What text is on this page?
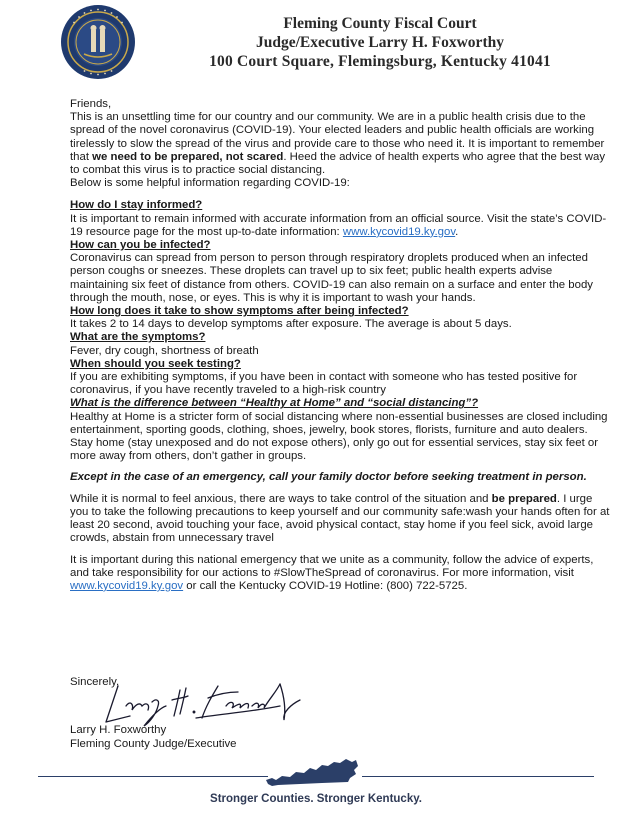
Fleming County Fiscal Court
Judge/Executive Larry H. Foxworthy
100 Court Square, Flemingsburg, Kentucky 41041

Friends,

This is an unsettling time for our country and our community. We are in a public health crisis due to the spread of the novel coronavirus (COVID-19). Your elected leaders and public health officials are working tirelessly to slow the spread of the virus and provide care to those who need it. It is important to remember that we need to be prepared, not scared. Heed the advice of health experts who agree that the best way to combat this virus is to practice social distancing.

Below is some helpful information regarding COVID-19:

How do I stay informed?

It is important to remain informed with accurate information from an official source. Visit the state’s COVID-19 resource page for the most up-to-date information: www.kycovid19.ky.gov.

How can you be infected?

Coronavirus can spread from person to person through respiratory droplets produced when an infected person coughs or sneezes. These droplets can travel up to six feet; public health experts advise maintaining six feet of distance from others. COVID-19 can also remain on a surface and enter the body through the mouth, nose, or eyes. This is why it is important to wash your hands.

How long does it take to show symptoms after being infected?

It takes 2 to 14 days to develop symptoms after exposure. The average is about 5 days.

What are the symptoms?

Fever, dry cough, shortness of breath

When should you seek testing?

If you are exhibiting symptoms, if you have been in contact with someone who has tested positive for coronavirus, if you have recently traveled to a high-risk country

What is the difference between “Healthy at Home” and “social distancing”?

Healthy at Home is a stricter form of social distancing where non-essential businesses are closed including entertainment, sporting goods, clothing, shoes, jewelry, book stores, florists, furniture and auto dealers. Stay home (stay unexposed and do not expose others), only go out for essential services, stay six feet or more away from others, don’t gather in groups.

Except in the case of an emergency, call your family doctor before seeking treatment in person.

While it is normal to feel anxious, there are ways to take control of the situation and be prepared. I urge you to take the following precautions to keep yourself and our community safe:wash your hands often for at least 20 second, avoid touching your face, avoid physical contact, stay home if you feel sick, avoid large crowds, abstain from unnecessary travel

It is important during this national emergency that we unite as a community, follow the advice of experts, and take responsibility for our actions to #SlowTheSpread of coronavirus. For more information, visit www.kycovid19.ky.gov or call the Kentucky COVID-19 Hotline: (800) 722-5725.

Sincerely,
Larry H. Foxworthy
Fleming County Judge/Executive
Stronger Counties. Stronger Kentucky.
